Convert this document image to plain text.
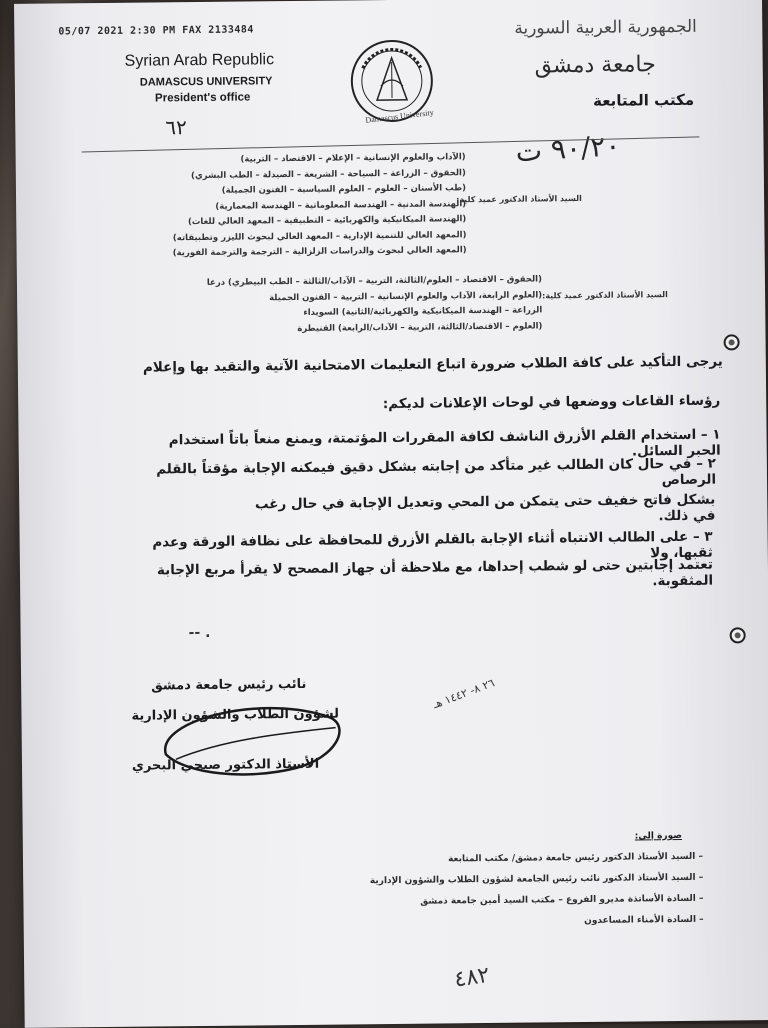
05/07 2021 2:30 PM FAX 2133484
Syrian Arab Republic
DAMASCUS UNIVERSITY
President's office
٦٢	Damascus University
الجمهورية العربية السورية
جامعة دمشق
مكتب المتابعة
٩٠/٢٠ ت
السيد الأستاذ الدكتور عميد كلية:
(الآداب والعلوم الإنسانية – الإعلام – الاقتصاد – التربية)
(الحقوق – الزراعة – السياحة – الشريعة – الصيدلة – الطب البشري)
(طب الأسنان – العلوم – العلوم السياسية – الفنون الجميلة)
(الهندسة المدنية – الهندسة المعلوماتية – الهندسة المعمارية)
(الهندسة الميكانيكية والكهربائية – التطبيقية – المعهد العالي للغات)
(المعهد العالي للتنمية الإدارية – المعهد العالي لبحوث الليزر وتطبيقاته)
(المعهد العالي لبحوث والدراسات الزلزالية – الترجمة والترجمة الفورية)
السيد الأستاذ الدكتور عميد كلية:
(الحقوق – الاقتصاد – العلوم/الثالثة، التربية – الآداب/الثالثة – الطب البيطري) درعا
(العلوم الرابعة، الآداب والعلوم الإنسانية – التربية – الفنون الجميلة
الزراعة – الهندسة الميكانيكية والكهربائية/الثانية) السويداء
(العلوم – الاقتصاد/الثالثة، التربية – الآداب/الرابعة) القنيطرة
يرجى التأكيد على كافة الطلاب ضرورة اتباع التعليمات الامتحانية الآتية والتقيد بها وإعلام
رؤساء القاعات ووضعها في لوحات الإعلانات لديكم:
١ – استخدام القلم الأزرق الناشف لكافة المقررات المؤتمتة، ويمنع منعاً باتاً استخدام الحبر السائل.
٢ – في حال كان الطالب غير متأكد من إجابته بشكل دقيق فيمكنه الإجابة مؤقتاً بالقلم الرصاص
بشكل فاتح خفيف حتى يتمكن من المحي وتعديل الإجابة في حال رغب في ذلك.
٣ – على الطالب الانتباه أثناء الإجابة بالقلم الأزرق للمحافظة على نظافة الورقة وعدم ثقبها، ولا
تعتمد إجابتين حتى لو شطب إحداها، مع ملاحظة أن جهاز المصحح لا يقرأ مربع الإجابة المثقوبة.
-- .
نائب رئيس جامعة دمشق
لشؤون الطلاب والشؤون الإدارية
الأستاذ الدكتور صبحي البحري
٢٦ ٨- ١٤٤٢ هـ
صورة إلى:
– السيد الأستاذ الدكتور رئيس جامعة دمشق/ مكتب المتابعة
– السيد الأستاذ الدكتور نائب رئيس الجامعة لشؤون الطلاب والشؤون الإدارية
– السادة الأساتذة مديرو الفروع – مكتب السيد أمين جامعة دمشق
– السادة الأمناء المساعدون
٤٨٢
